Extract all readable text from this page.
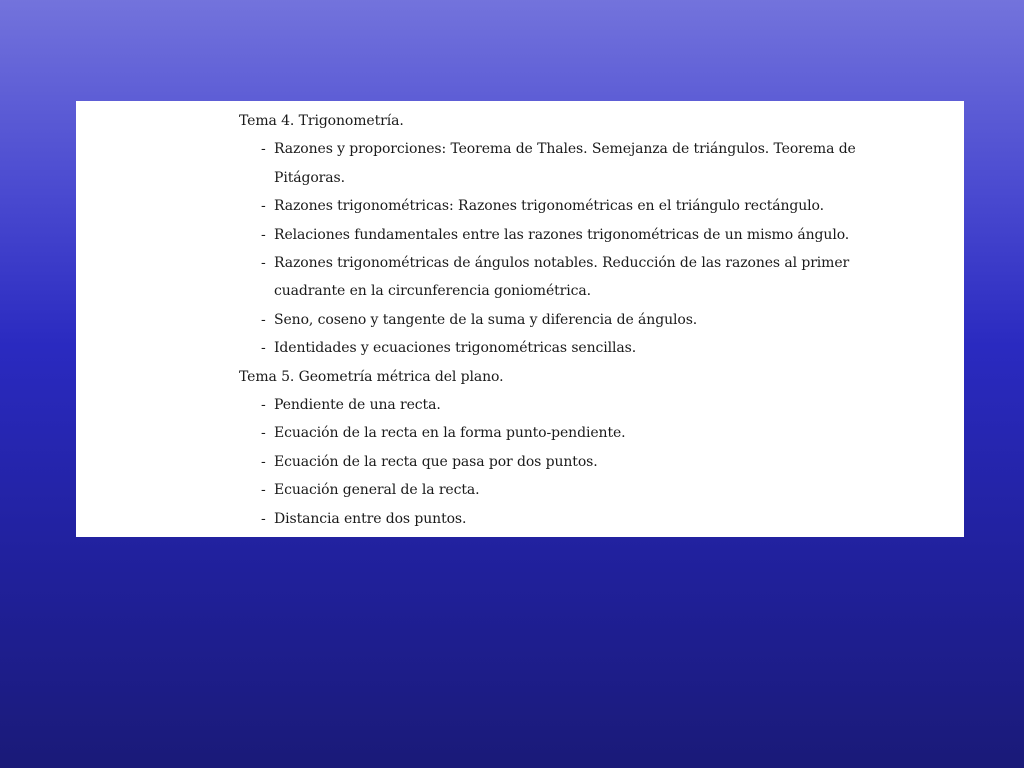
Tema 4. Trigonometría.
- Razones y proporciones: Teorema de Thales. Semejanza de triángulos. Teorema de Pitágoras.
- Razones trigonométricas: Razones trigonométricas en el triángulo rectángulo.
- Relaciones fundamentales entre las razones trigonométricas de un mismo ángulo.
- Razones trigonométricas de ángulos notables. Reducción de las razones al primer cuadrante en la circunferencia goniométrica.
- Seno, coseno y tangente de la suma y diferencia de ángulos.
- Identidades y ecuaciones trigonométricas sencillas.
Tema 5. Geometría métrica del plano.
- Pendiente de una recta.
- Ecuación de la recta en la forma punto-pendiente.
- Ecuación de la recta que pasa por dos puntos.
- Ecuación general de la recta.
- Distancia entre dos puntos.
